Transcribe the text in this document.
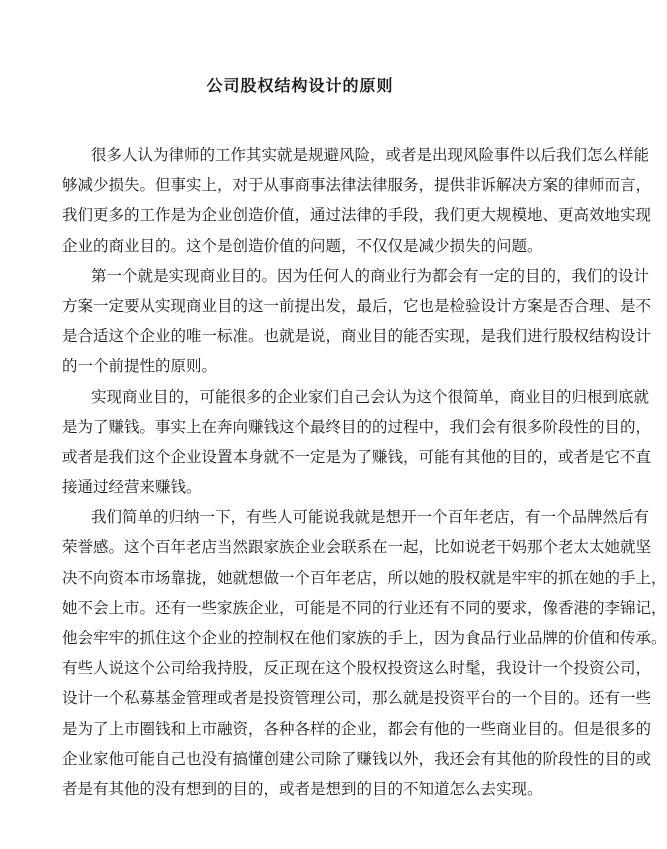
公司股权结构设计的原则
很多人认为律师的工作其实就是规避风险，或者是出现风险事件以后我们怎么样能
够减少损失。但事实上，对于从事商事法律法律服务，提供非诉解决方案的律师而言，
我们更多的工作是为企业创造价值，通过法律的手段，我们更大规模地、更高效地实现
企业的商业目的。这个是创造价值的问题，不仅仅是减少损失的问题。
第一个就是实现商业目的。因为任何人的商业行为都会有一定的目的，我们的设计
方案一定要从实现商业目的这一前提出发，最后，它也是检验设计方案是否合理、是不
是合适这个企业的唯一标准。也就是说，商业目的能否实现，是我们进行股权结构设计
的一个前提性的原则。
实现商业目的，可能很多的企业家们自己会认为这个很简单，商业目的归根到底就
是为了赚钱。事实上在奔向赚钱这个最终目的的过程中，我们会有很多阶段性的目的，
或者是我们这个企业设置本身就不一定是为了赚钱，可能有其他的目的，或者是它不直
接通过经营来赚钱。
我们简单的归纳一下，有些人可能说我就是想开一个百年老店，有一个品牌然后有
荣誉感。这个百年老店当然跟家族企业会联系在一起，比如说老干妈那个老太太她就坚
决不向资本市场靠拢，她就想做一个百年老店，所以她的股权就是牢牢的抓在她的手上，
她不会上市。还有一些家族企业，可能是不同的行业还有不同的要求，像香港的李锦记，
他会牢牢的抓住这个企业的控制权在他们家族的手上，因为食品行业品牌的价值和传承。
有些人说这个公司给我持股，反正现在这个股权投资这么时髦，我设计一个投资公司，
设计一个私募基金管理或者是投资管理公司，那么就是投资平台的一个目的。还有一些
是为了上市圈钱和上市融资，各种各样的企业，都会有他的一些商业目的。但是很多的
企业家他可能自己也没有搞懂创建公司除了赚钱以外，我还会有其他的阶段性的目的或
者是有其他的没有想到的目的，或者是想到的目的不知道怎么去实现。
